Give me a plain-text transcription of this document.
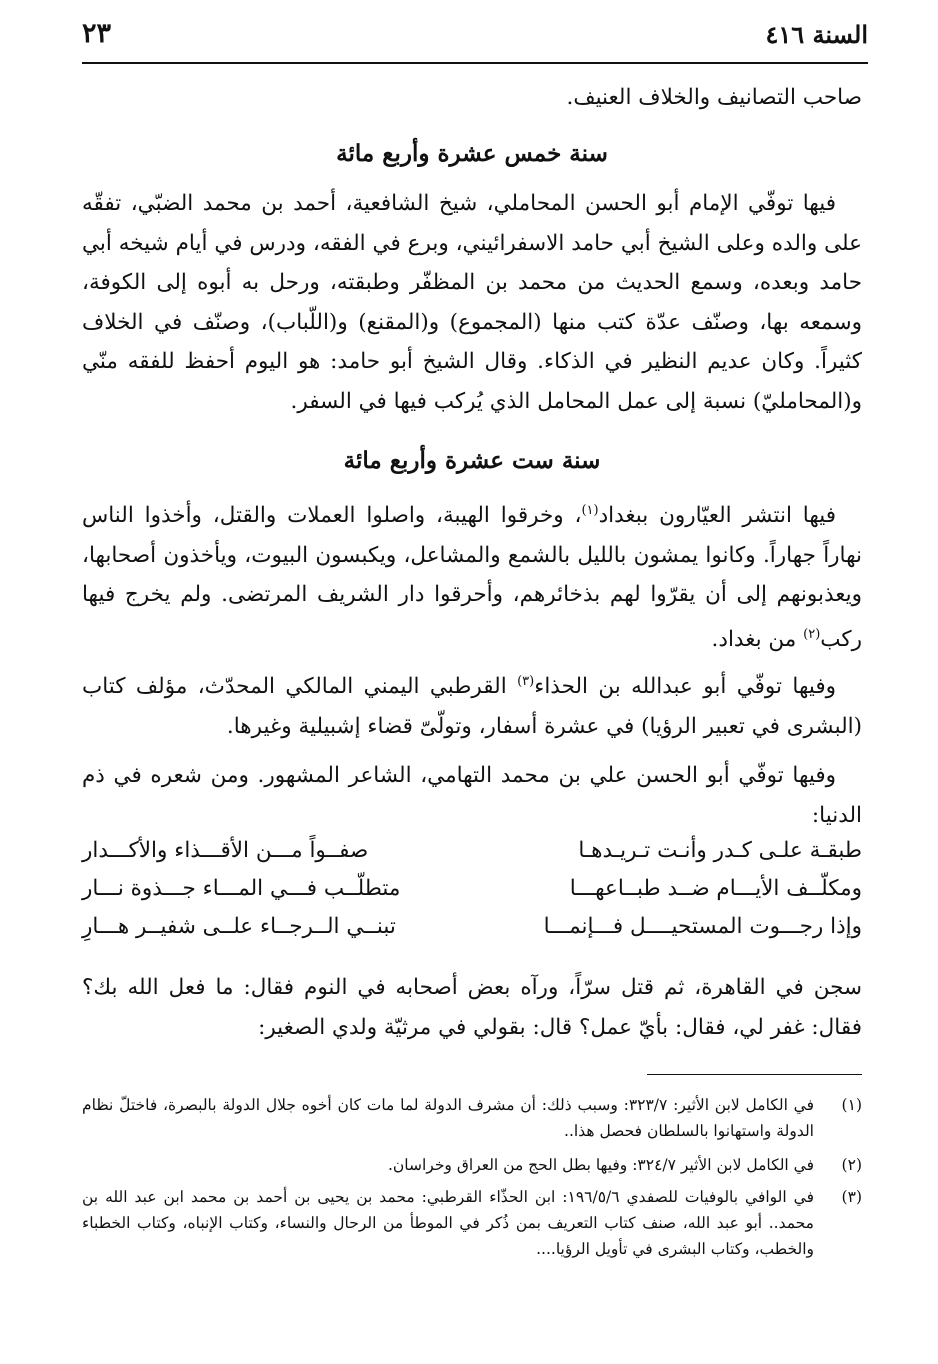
السنة ٤١٦
٢٣

صاحب التصانيف والخلاف العنيف.

سنة خمس عشرة وأربع مائة

فيها توفّي الإمام أبو الحسن المحاملي، شيخ الشافعية، أحمد بن محمد الضبّي، تفقّه على والده وعلى الشيخ أبي حامد الاسفرائيني، وبرع في الفقه، ودرس في أيام شيخه أبي حامد وبعده، وسمع الحديث من محمد بن المظفّر وطبقته، ورحل به أبوه إلى الكوفة، وسمعه بها، وصنّف عدّة كتب منها (المجموع) و(المقنع) و(اللّباب)، وصنّف في الخلاف كثيراً. وكان عديم النظير في الذكاء. وقال الشيخ أبو حامد: هو اليوم أحفظ للفقه منّي و(المحامليّ) نسبة إلى عمل المحامل الذي يُركب فيها في السفر.

سنة ست عشرة وأربع مائة

فيها انتشر العيّارون ببغداد$^{(١)}$، وخرقوا الهيبة، واصلوا العملات والقتل، وأخذوا الناس نهاراً جهاراً. وكانوا يمشون بالليل بالشمع والمشاعل، ويكبسون البيوت، ويأخذون أصحابها، ويعذبونهم إلى أن يقرّوا لهم بذخائرهم، وأحرقوا دار الشريف المرتضى. ولم يخرج فيها ركب$^{(٢)}$ من بغداد.

وفيها توفّي أبو عبدالله بن الحذاء$^{(٣)}$ القرطبي اليمني المالكي المحدّث، مؤلف كتاب (البشرى في تعبير الرؤيا) في عشرة أسفار، وتولّىّ قضاء إشبيلية وغيرها.

وفيها توفّي أبو الحسن علي بن محمد التهامي، الشاعر المشهور. ومن شعره في ذم الدنيا:

طبقـة علـى كـدر وأنـت تـريـدهـا
صفــواً مـــن الأقـــذاء والأكـــدار
ومكلّــف الأيـــام ضــد طبــاعهـــا
متطلّــب فـــي المـــاء جـــذوة نـــار
وإذا رجـــوت المستحيــــل فـــإنمـــا
تبنــي الــرجــاء علــى شفيــر هـــارِ

سجن في القاهرة، ثم قتل سرّاً، ورآه بعض أصحابه في النوم فقال: ما فعل الله بك؟ فقال: غفر لي، فقال: بأيّ عمل؟ قال: بقولي في مرثيّة ولدي الصغير:

(١)
في الكامل لابن الأثير: ٣٢٣/٧: وسبب ذلك: أن مشرف الدولة لما مات كان أخوه جلال الدولة بالبصرة، فاختلّ نظام الدولة واستهانوا بالسلطان فحصل هذا..
(٢)
في الكامل لابن الأثير ٣٢٤/٧: وفيها بطل الحج من العراق وخراسان.
(٣)
في الوافي بالوفيات للصفدي ١٩٦/٥/٦: ابن الحذّاء القرطبي: محمد بن يحيى بن أحمد بن محمد ابن عبد الله بن محمد.. أبو عبد الله، صنف كتاب التعريف بمن ذُكر في الموطأ من الرحال والنساء، وكتاب الإنباه، وكتاب الخطباء والخطب، وكتاب البشرى في تأويل الرؤيا....
